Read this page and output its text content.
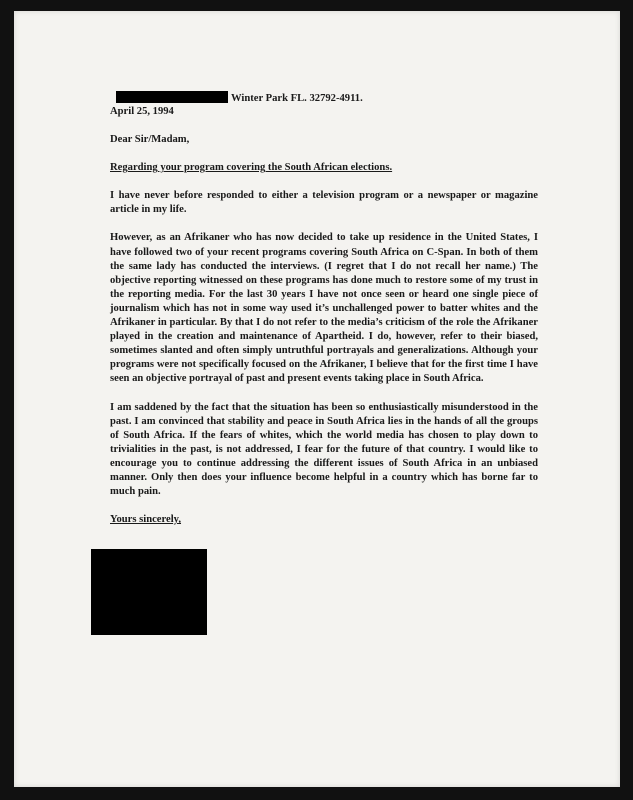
Winter Park FL. 32792-4911.
April 25, 1994
Dear Sir/Madam,
Regarding your program covering the South African elections.

I have never before responded to either a television program or a newspaper or magazine article in my life.

However, as an Afrikaner who has now decided to take up residence in the United States, I have followed two of your recent programs covering South Africa on C-Span. In both of them the same lady has conducted the interviews. (I regret that I do not recall her name.) The objective reporting witnessed on these programs has done much to restore some of my trust in the reporting media. For the last 30 years I have not once seen or heard one single piece of journalism which has not in some way used it’s unchallenged power to batter whites and the Afrikaner in particular. By that I do not refer to the media’s criticism of the role the Afrikaner played in the creation and maintenance of Apartheid. I do, however, refer to their biased, sometimes slanted and often simply untruthful portrayals and generalizations. Although your programs were not specifically focused on the Afrikaner, I believe that for the first time I have seen an objective portrayal of past and present events taking place in South Africa.

I am saddened by the fact that the situation has been so enthusiastically misunderstood in the past. I am convinced that stability and peace in South Africa lies in the hands of all the groups of South Africa. If the fears of whites, which the world media has chosen to play down to trivialities in the past, is not addressed, I fear for the future of that country. I would like to encourage you to continue addressing the different issues of South Africa in an unbiased manner. Only then does your influence become helpful in a country which has borne far to much pain.

Yours sincerely,
